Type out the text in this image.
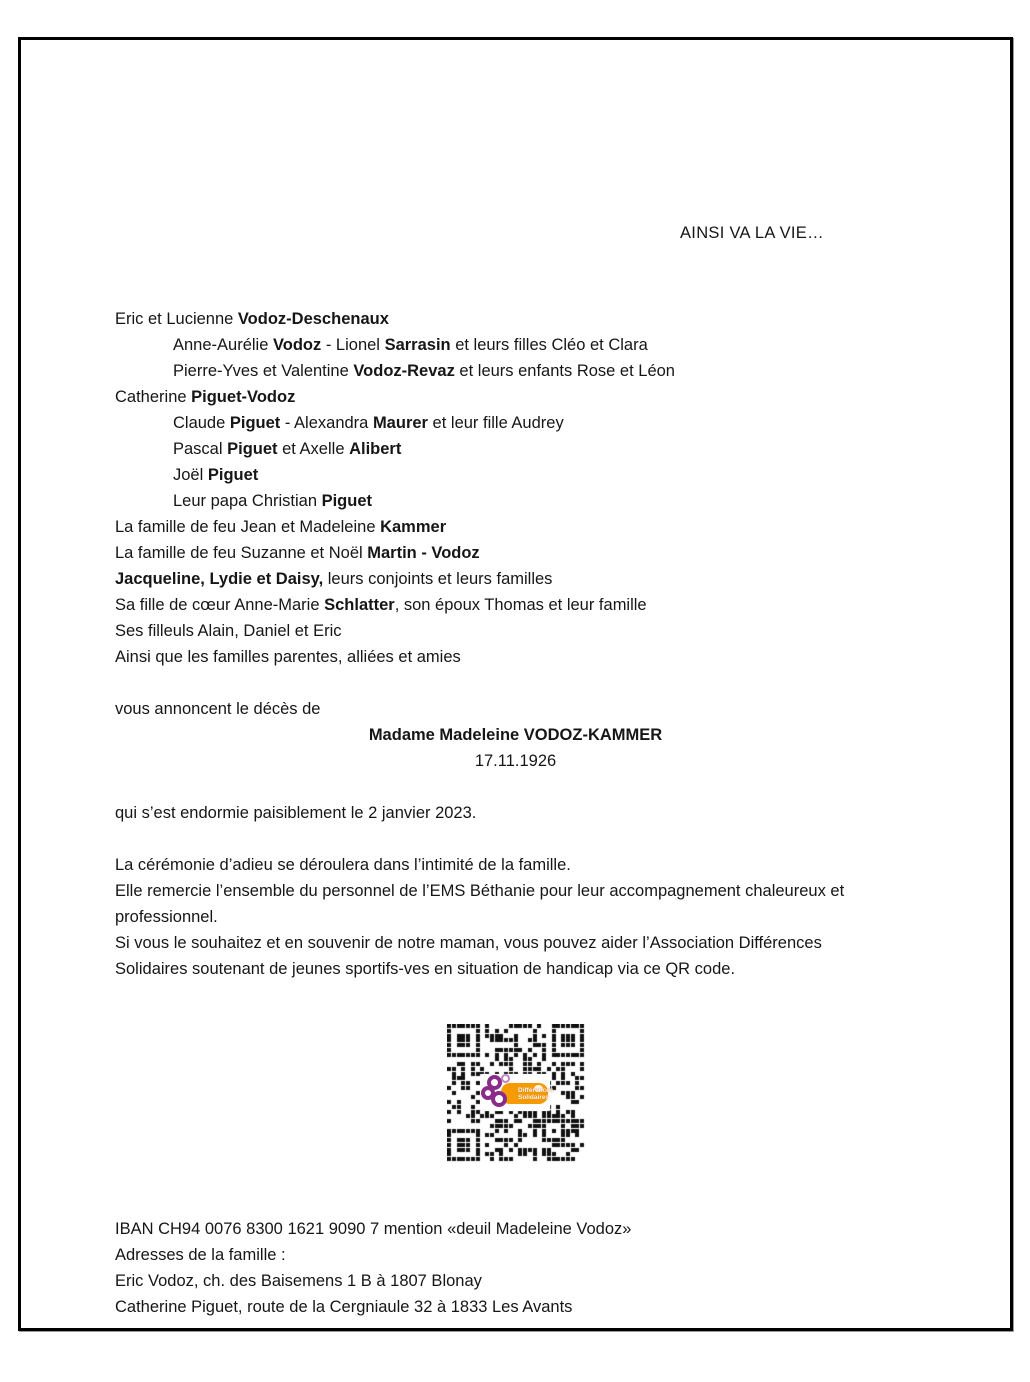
AINSI VA LA VIE…
Eric et Lucienne Vodoz-Deschenaux
Anne-Aurélie Vodoz - Lionel Sarrasin et leurs filles Cléo et Clara
Pierre-Yves et Valentine Vodoz-Revaz et leurs enfants Rose et Léon
Catherine Piguet-Vodoz
Claude Piguet - Alexandra Maurer et leur fille Audrey
Pascal Piguet et Axelle Alibert
Joël Piguet
Leur papa Christian Piguet
La famille de feu Jean et Madeleine Kammer
La famille de feu Suzanne et Noël Martin - Vodoz
Jacqueline, Lydie et Daisy, leurs conjoints et leurs familles
Sa fille de cœur Anne-Marie Schlatter, son époux Thomas et leur famille
Ses filleuls Alain, Daniel et Eric
Ainsi que les familles parentes, alliées et amies
vous annoncent le décès de
Madame Madeleine VODOZ-KAMMER
17.11.1926
qui s’est endormie paisiblement le 2 janvier 2023.
La cérémonie d’adieu se déroulera dans l’intimité de la famille.
Elle remercie l’ensemble du personnel de l’EMS Béthanie pour leur accompagnement chaleureux et
professionnel.
Si vous le souhaitez et en souvenir de notre maman, vous pouvez aider l’Association Différences
Solidaires soutenant de jeunes sportifs-ves en situation de handicap via ce QR code.
Différences
Solidaires
IBAN CH94 0076 8300 1621 9090 7 mention «deuil Madeleine Vodoz»
Adresses de la famille :
Eric Vodoz, ch. des Baisemens 1 B à 1807 Blonay
Catherine Piguet, route de la Cergniaule 32 à 1833 Les Avants
